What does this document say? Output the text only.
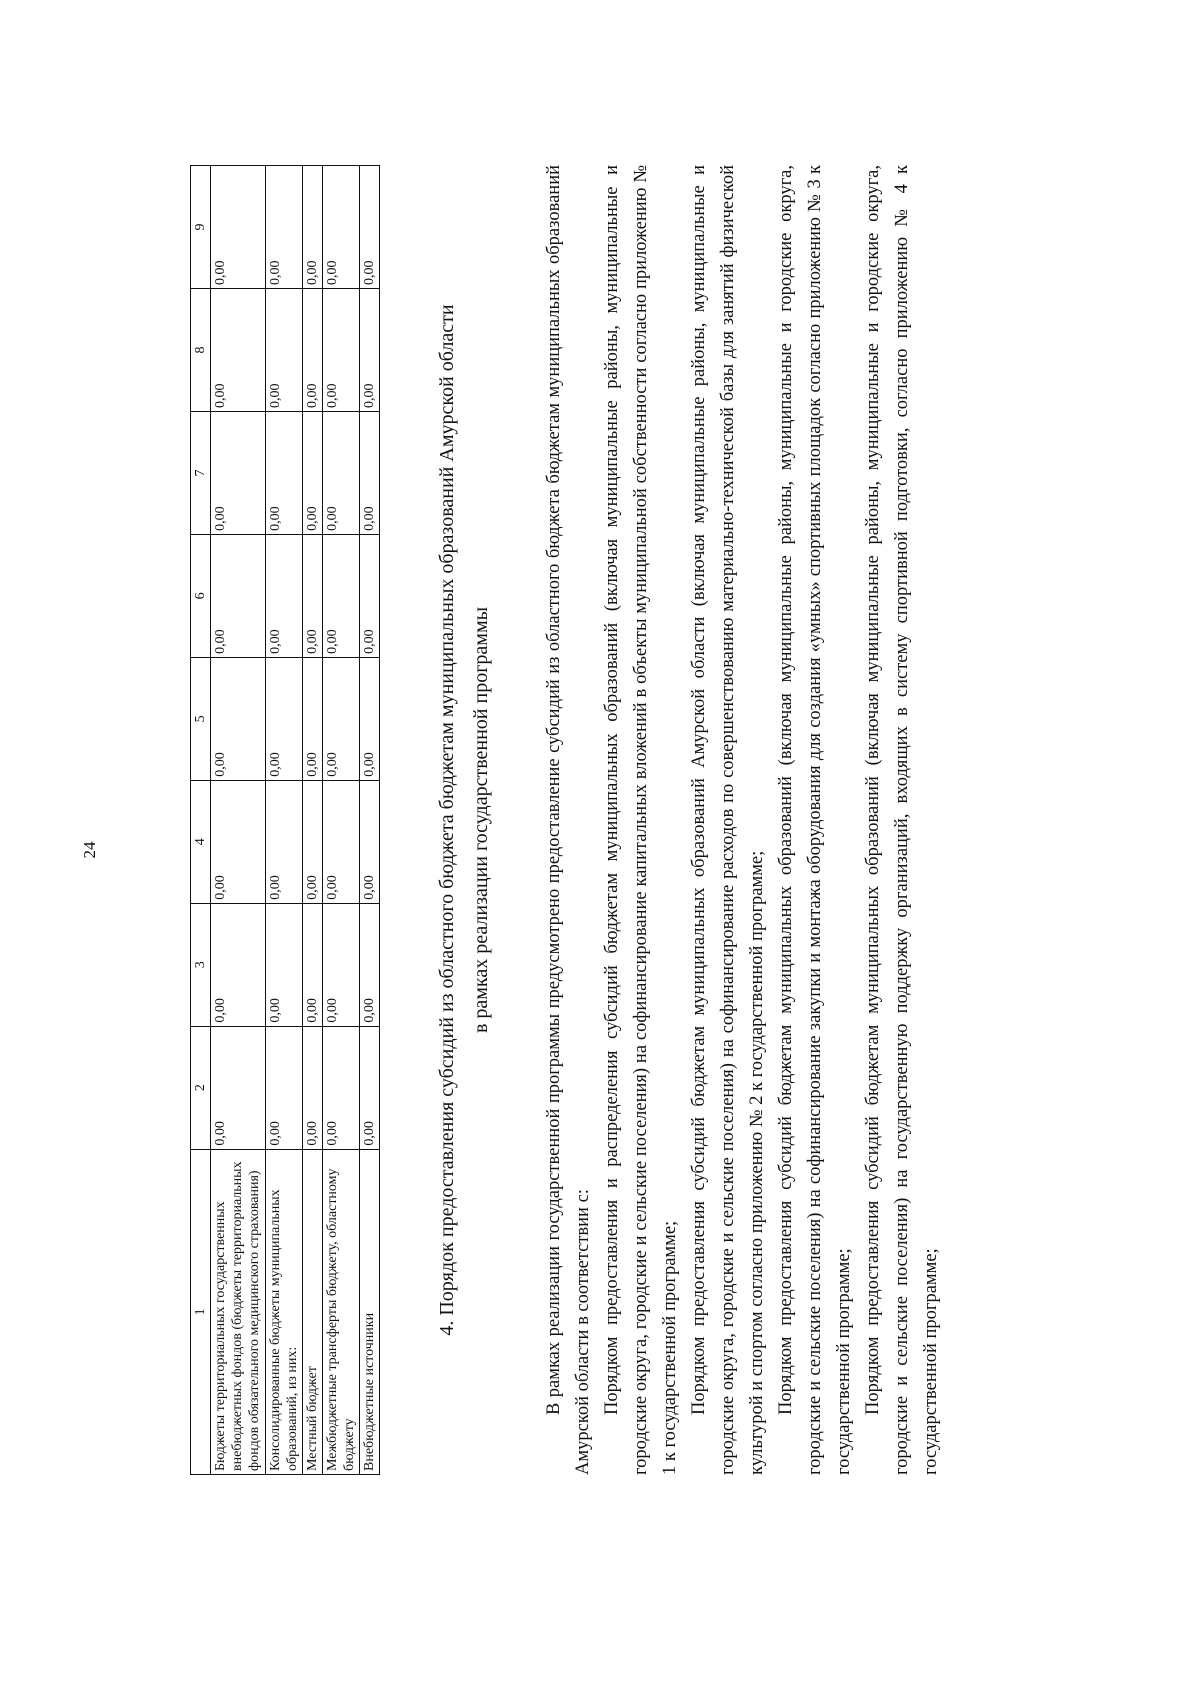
24
1	2	3	4	5	6	7	8	9
Бюджеты территориальных государственных внебюджетных фондов (бюджеты территориальных фондов обязательного медицинского страхования)	0,00	0,00	0,00	0,00	0,00	0,00	0,00	0,00
Консолидированные бюджеты муниципальных образований, из них:	0,00	0,00	0,00	0,00	0,00	0,00	0,00	0,00
Местный бюджет	0,00	0,00	0,00	0,00	0,00	0,00	0,00	0,00
Межбюджетные трансферты бюджету, областному бюджету	0,00	0,00	0,00	0,00	0,00	0,00	0,00	0,00
Внебюджетные источники	0,00	0,00	0,00	0,00	0,00	0,00	0,00	0,00
4. Порядок предоставления субсидий из областного бюджета бюджетам муниципальных образований Амурской области в рамках реализации государственной программы	В рамках реализации государственной программы предусмотрено предоставление субсидий из областного бюджета бюджетам муниципальных образований Амурской области в соответствии с: Порядком предоставления и распределения субсидий бюджетам муниципальных образований (включая муниципальные районы, муниципальные и городские округа, городские и сельские поселения) на софинансирование капитальных вложений в объекты муниципальной собственности согласно приложению № 1 к государственной программе; Порядком предоставления субсидий бюджетам муниципальных образований Амурской области (включая муниципальные районы, муниципальные и городские округа, городские и сельские поселения) на софинансирование расходов по совершенствованию материально-технической базы для занятий физической культурой и спортом согласно приложению № 2 к государственной программе; Порядком предоставления субсидий бюджетам муниципальных образований (включая муниципальные районы, муниципальные и городские округа, городские и сельские поселения) на софинансирование закупки и монтажа оборудования для создания «умных» спортивных площадок согласно приложению № 3 к государственной программе; Порядком предоставления субсидий бюджетам муниципальных образований (включая муниципальные районы, муниципальные и городские округа, городские и сельские поселения) на государственную поддержку организаций, входящих в систему спортивной подготовки, согласно приложению № 4 к государственной программе;
